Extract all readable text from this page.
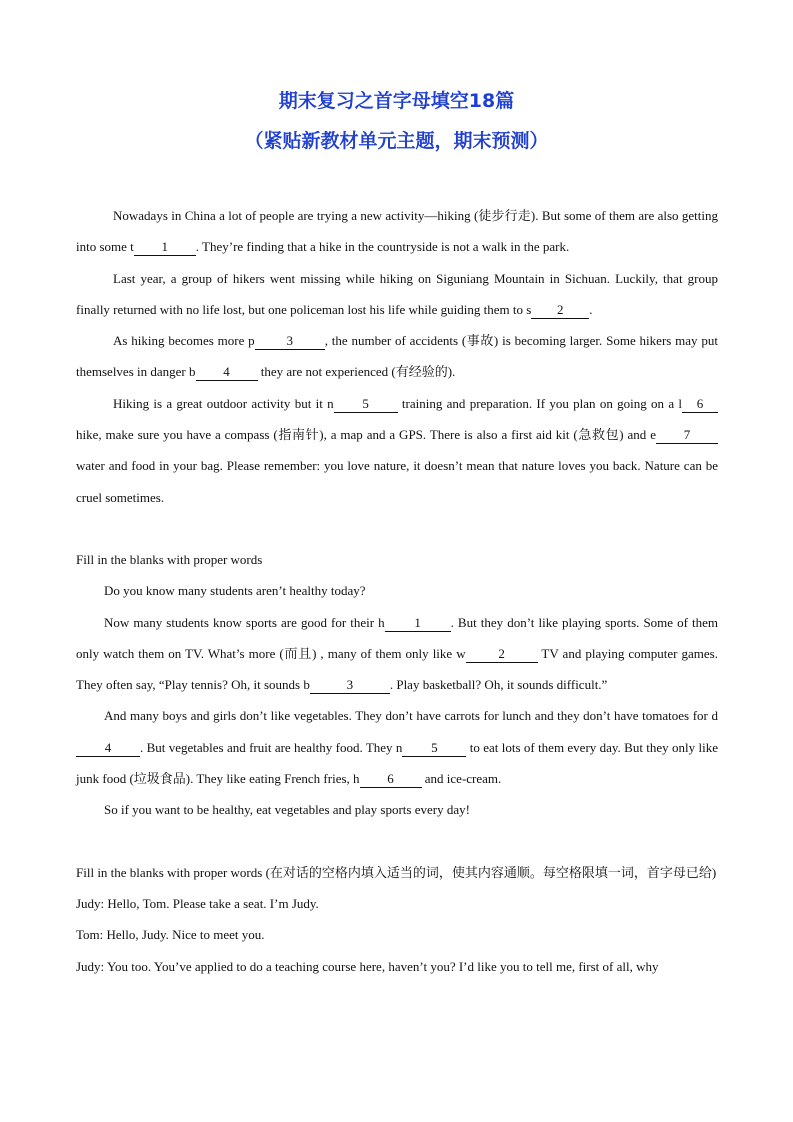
期末复习之首字母填空18篇
（紧贴新教材单元主题，期末预测）

Nowadays in China a lot of people are trying a new activity—hiking (徒步行走). But some of them are also getting into some t 1 . They’re finding that a hike in the countryside is not a walk in the park.

Last year, a group of hikers went missing while hiking on Siguniang Mountain in Sichuan. Luckily, that group finally returned with no life lost, but one policeman lost his life while guiding them to s 2 .

As hiking becomes more p 3 , the number of accidents (事故) is becoming larger. Some hikers may put themselves in danger b 4 they are not experienced (有经验的).

Hiking is a great outdoor activity but it n 5 training and preparation. If you plan on going on a l 6 hike, make sure you have a compass (指南针), a map and a GPS. There is also a first aid kit (急救包) and e 7 water and food in your bag. Please remember: you love nature, it doesn’t mean that nature loves you back. Nature can be cruel sometimes.

Fill in the blanks with proper words

Do you know many students aren’t healthy today?

Now many students know sports are good for their h 1 . But they don’t like playing sports. Some of them only watch them on TV. What’s more (而且) , many of them only like w	2	TV and playing computer games. They often say, “Play tennis? Oh, it sounds b	3	. Play basketball? Oh, it sounds difficult.”

And many boys and girls don’t like vegetables. They don’t have carrots for lunch and they don’t have tomatoes for d4 . But vegetables and fruit are healthy food. They n 5 to eat lots of them every day. But they only like junk food (垃圾食品). They like eating French fries, h 6 and ice-cream.

So if you want to be healthy, eat vegetables and play sports every day!

Fill in the blanks with proper words (在对话的空格内填入适当的词，使其内容通顺。每空格限填一词，首字母已给)

Judy: Hello, Tom. Please take a seat. I’m Judy.

Tom: Hello, Judy. Nice to meet you.

Judy: You too. You’ve applied to do a teaching course here, haven’t you? I’d like you to tell me, first of all, why
